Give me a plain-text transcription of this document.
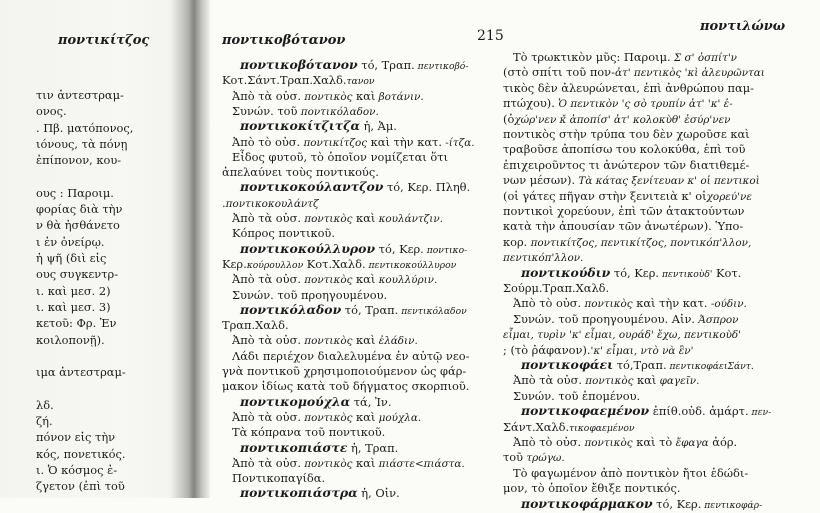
ποντικίτζος	ποντικοβότανον	215
ποντιλώνω
τιν ἀντεστραμ-
ονος.
. Πβ. ματόπονος,
ιόνους, τὰ πόνῃ
ἐπίπονον, κου-
ους : Παροιμ.
φορίας διὰ τὴν
ν θὰ ἠσθάνετο
ι ἐν ὀνείρῳ.
ἡ ψῆ (διὶ εἰς
ους συγκεντρ-
ι. καὶ μεσ. 2)
ι. καὶ μεσ. 3)
κετοῦ: Φρ. Ἐν
κοιλοπονῇ).
ιμα ἀντεστραμ-
λδ.
ζή.
πόνον εἰς τὴν
κός, πονετικός.
ι. Ὁ κόσμος ἐ-
ζγετον (ἐπὶ τοῦ
ποντικοβότανον τό, Τραπ. πεντικοβό-
Κοτ.Σάντ.Τραπ.Χαλδ.τανον
Ἀπὸ τὰ οὐσ. ποντικὸς καὶ βοτάνιν.
Συνών. τοῦ ποντικόλαδον.
ποντικοκίτζιτζα ἡ, Ἀμ.
Ἀπὸ τὸ οὐσ. ποντικίτζος καὶ τὴν κατ. -ίτζα.
Εἶδος φυτοῦ, τὸ ὁποῖον νομίζεται ὅτι
ἀπελαύνει τοὺς ποντικούς.
ποντικοκούλαντζον τό, Κερ. Πληθ.
.ποντικοκουλάντζ
Ἀπὸ τὰ οὐσ. ποντικὸς καὶ κουλάντζιν.
Κόπρος ποντικοῦ.
ποντικοκούλλυρον τό, Κερ. ποντικο-
Κερ.κούρουλλον Κοτ.Χαλδ. πεντικοκούλλυρον
Ἀπὸ τὰ οὐσ. ποντικὸς καὶ κουλλύριν.
Συνών. τοῦ προηγουμένου.
ποντικόλαδον τό, Τραπ. πεντικόλαδον
Τραπ.Χαλδ.
Ἀπὸ τὰ οὐσ. ποντικὸς καὶ ἐλάδιν.
Λάδι περιέχον διαλελυμένα ἐν αὐτῷ νεο-
γνὰ ποντικοῦ χρησιμοποιούμενον ὡς φάρ-
μακον ἰδίως κατὰ τοῦ δήγματος σκορπιοῦ.
ποντικομούχλα τά, Ἰν.
Ἀπὸ τὰ οὐσ. ποντικὸς καὶ μούχλα.
Τὰ κόπρανα τοῦ ποντικοῦ.
ποντικοπιάστε ἡ, Τραπ.
Ἀπὸ τὰ οὐσ. ποντικὸς καὶ πιάστε<πιάστα.
Ποντικοπαγίδα.
ποντικοπιάστρα ἡ, Οἰν.
Τὸ τρωκτικὸν μῦς: Παροιμ. Σ σ' ὀσπίτ'ν
(στὸ σπίτι τοῦ πον-ἀτ' πεντικὸς 'κὶ ἀλευρῶνται
τικὸς δὲν ἀλευρώνεται, ἐπὶ ἀνθρώπου παμ-
πτώχου). Ὁ πεντικὸν 'ς σὸ τρυπίν ἀτ' 'κ' ἐ-
(ὁχώρ'νεν κ̌ ἀποπίσ' ἀτ' κολοκὺθ' ἐσύρ'νεν
ποντικὸς στὴν τρύπα του δὲν χωροῦσε καὶ
τραβοῦσε ἀποπίσω του κολοκύθα, ἐπὶ τοῦ
ἐπιχειροῦντος τι ἀνώτερον τῶν διατιθεμέ-
νων μέσων). Τὰ κάτας ξενίτευαν κ' οἱ πεντικοὶ
(οἱ γάτες πῆγαν στὴν ξενιτειὰ κ' οἱχορεύ'νε
ποντικοὶ χορεύουν, ἐπὶ τῶν ἀτακτούντων
κατὰ τὴν ἀπουσίαν τῶν ἀνωτέρων). Ὑπο-
κορ. ποντικίτζος, πεντικίτζος, ποντικόπ'λλον,
πεντικόπ'λλον.
ποντικούδιν τό, Κερ. πεντικοὺδ' Κοτ.
Σούρμ.Τραπ.Χαλδ.
Ἀπὸ τὸ οὐσ. ποντικὸς καὶ τὴν κατ. -ούδιν.
Συνών. τοῦ προηγουμένου. Αἰν. Ἀσπρον
εἶμαι, τυρὶν 'κ' εἶμαι, ουράδ' ἔχω, πεντικοὺδ'
; (τὸ ῥάφανον).'κ' εἶμαι, ντὸ νὰ ἒν'
ποντικοφάει τό,Τραπ. πεντικοφάειΣάντ.
Ἀπὸ τὰ οὐσ. ποντικὸς καὶ φαγεῖν.
Συνών. τοῦ ἑπομένου.
ποντικοφαεμένον ἐπίθ.οὐδ. ἀμάρτ. πεν-
Σάντ.Χαλδ.τικοφαεμένον
Ἀπὸ τὸ οὐσ. ποντικὸς καὶ τὸ ἔφαγα ἀόρ.
τοῦ τρώγω.
Τὸ φαγωμένον ἀπὸ ποντικὸν ἤτοι ἐδώδι-
μον, τὸ ὁποῖον ἔθιξε ποντικός.
ποντικοφάρμακον τό, Κερ. πεντικοφάρ-
